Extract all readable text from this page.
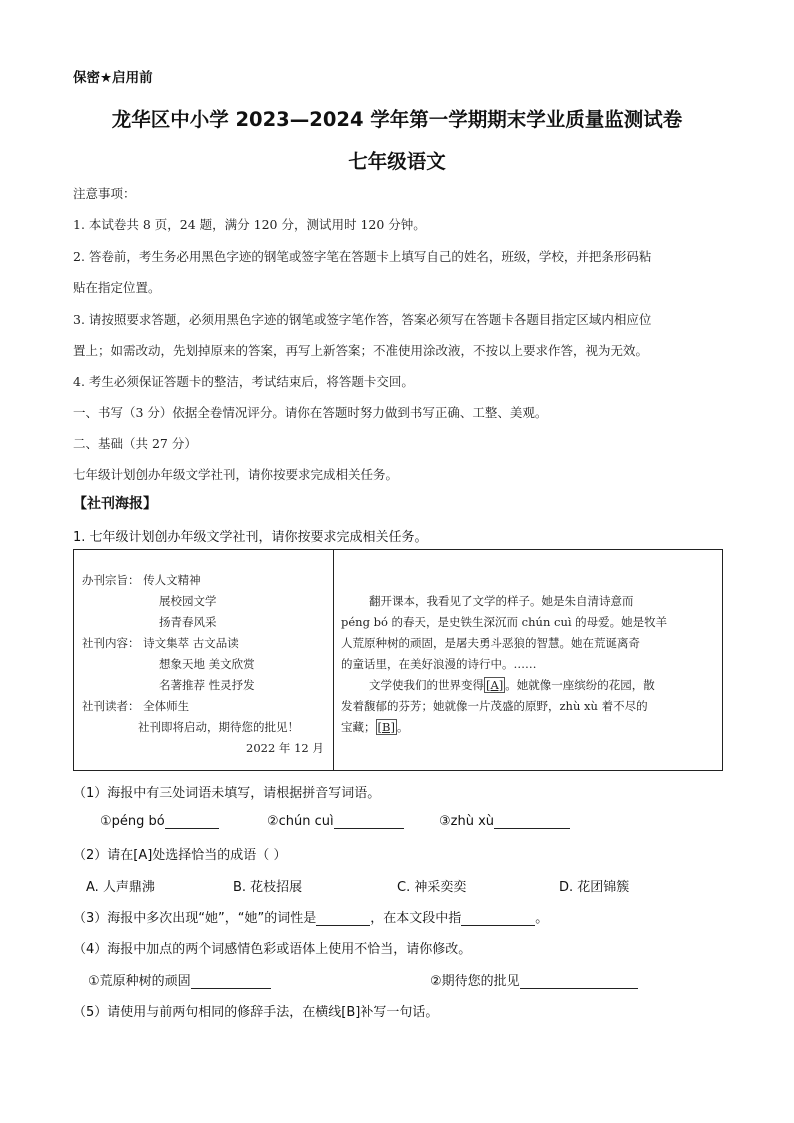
保密★启用前
龙华区中小学 2023—2024 学年第一学期期末学业质量监测试卷
七年级语文
注意事项：
1. 本试卷共 8 页，24 题，满分 120 分，测试用时 120 分钟。
2. 答卷前，考生务必用黑色字迹的钢笔或签字笔在答题卡上填写自己的姓名，班级，学校，并把条形码粘
贴在指定位置。
3. 请按照要求答题，必须用黑色字迹的钢笔或签字笔作答，答案必须写在答题卡各题目指定区域内相应位
置上；如需改动，先划掉原来的答案，再写上新答案；不准使用涂改液，不按以上要求作答，视为无效。
4. 考生必须保证答题卡的整洁，考试结束后，将答题卡交回。
一、书写（3 分）依据全卷情况评分。请你在答题时努力做到书写正确、工整、美观。
二、基础（共 27 分）
七年级计划创办年级文学社刊，请你按要求完成相关任务。
【社刊海报】
1. 七年级计划创办年级文学社刊，请你按要求完成相关任务。
办刊宗旨： 传人文精神
展校园文学
扬青春风采
社刊内容： 诗文集萃 古文品读
想象天地 美文欣赏
名著推荐 性灵抒发
社刊读者： 全体师生
社刊即将启动，期待您的批见！
2022 年 12 月
翻开课本，我看见了文学的样子。她是朱自清诗意而
péng bó 的春天，是史铁生深沉而 chún cuì 的母爱。她是牧羊
人荒原种树的顽固，是屠夫勇斗恶狼的智慧。她在荒诞离奇
的童话里，在美好浪漫的诗行中。……
文学使我们的世界变得 [A] 。她就像一座缤纷的花园，散
发着馥郁的芬芳；她就像一片茂盛的原野，zhù xù 着不尽的
宝藏； [B] 。
（1）海报中有三处词语未填写，请根据拼音写词语。
①péng bó	②chún cuì	③zhù xù
（2）请在[A]处选择恰当的成语（ ）
A. 人声鼎沸	B. 花枝招展	C. 神采奕奕	D. 花团锦簇
（3）海报中多次出现“她”，“她”的词性是	，在本文段中指	。
（4）海报中加点的两个词感情色彩或语体上使用不恰当，请你修改。
①荒原种树的顽固	②期待您的批见
（5）请使用与前两句相同的修辞手法，在横线[B]补写一句话。
